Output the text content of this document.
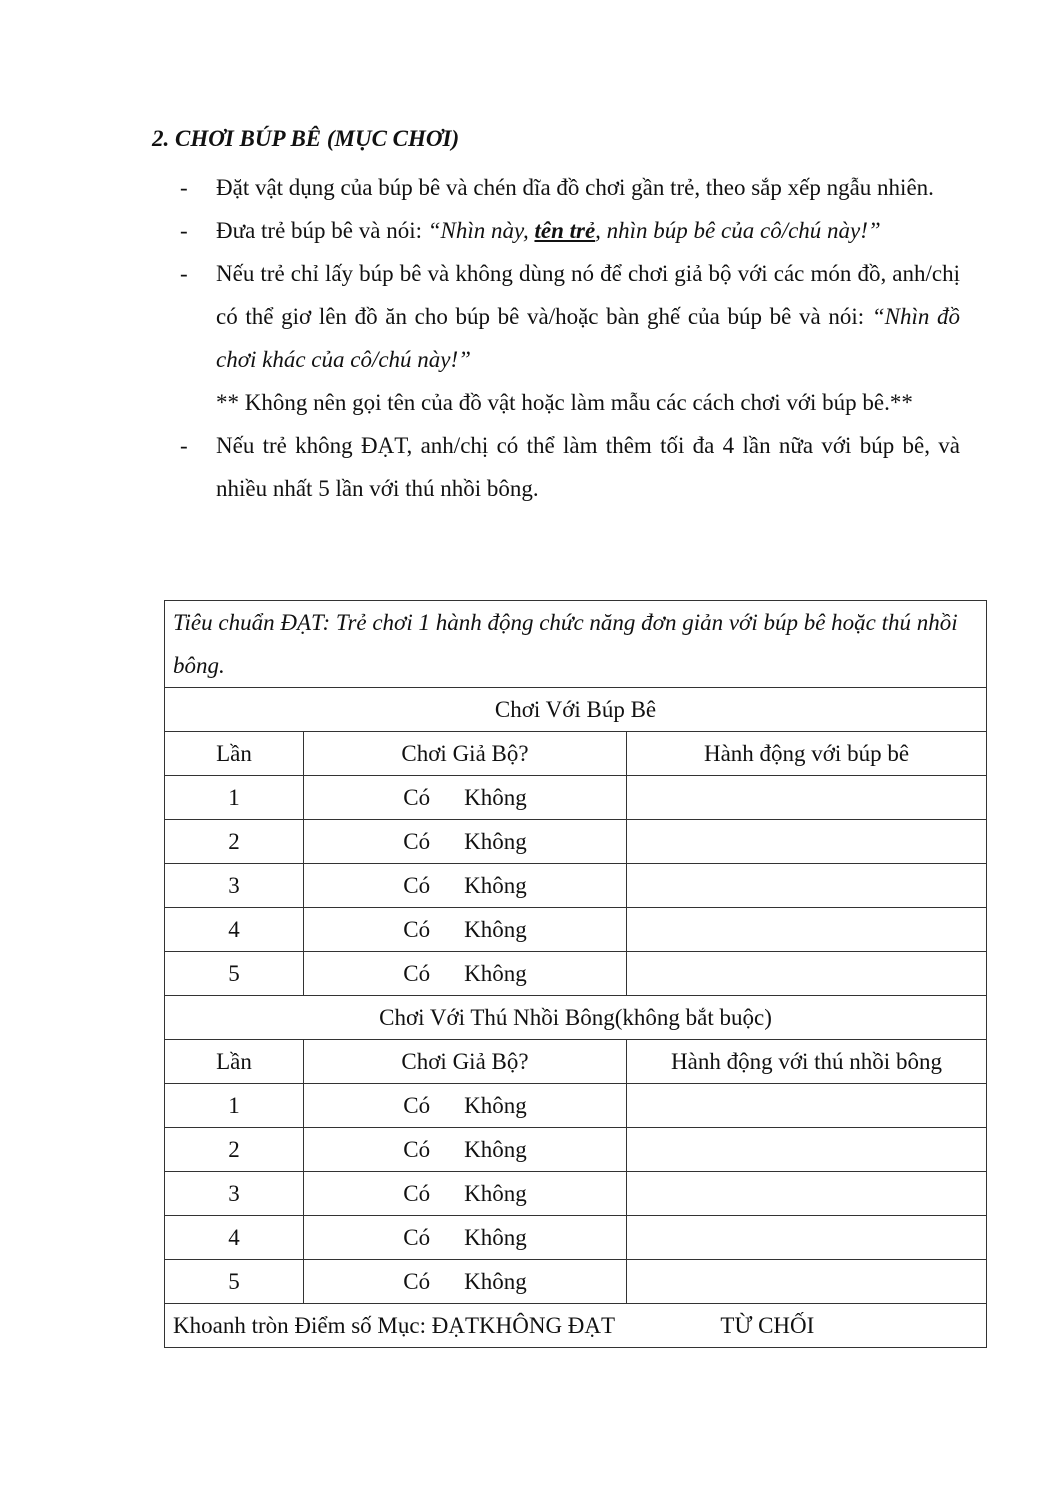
2. CHƠI BÚP BÊ (MỤC CHƠI)

- Đặt vật dụng của búp bê và chén dĩa đồ chơi gần trẻ, theo sắp xếp ngẫu nhiên.
- Đưa trẻ búp bê và nói: “Nhìn này, tên trẻ, nhìn búp bê của cô/chú này!”
- Nếu trẻ chỉ lấy búp bê và không dùng nó để chơi giả bộ với các món đồ, anh/chị có thể giơ lên đồ ăn cho búp bê và/hoặc bàn ghế của búp bê và nói: “Nhìn đồ chơi khác của cô/chú này!”
** Không nên gọi tên của đồ vật hoặc làm mẫu các cách chơi với búp bê.**
- Nếu trẻ không ĐẠT, anh/chị có thể làm thêm tối đa 4 lần nữa với búp bê, và nhiều nhất 5 lần với thú nhồi bông.
Tiêu chuẩn ĐẠT: Trẻ chơi 1 hành động chức năng đơn giản với búp bê hoặc thú nhồi bông.		
Chơi Với Búp Bê		
Lần	Chơi Giả Bộ?	Hành động với búp bê
1	Có Không	
2	Có Không	
3	Có Không	
4	Có Không	
5	Có Không	
Chơi Với Thú Nhồi Bông(không bắt buộc)		
Lần	Chơi Giả Bộ?	Hành động với thú nhồi bông
1	Có Không	
2	Có Không	
3	Có Không	
4	Có Không	
5	Có Không	
Khoanh tròn Điểm số Mục: ĐẠTKHÔNG ĐẠT TỪ CHỐI		
